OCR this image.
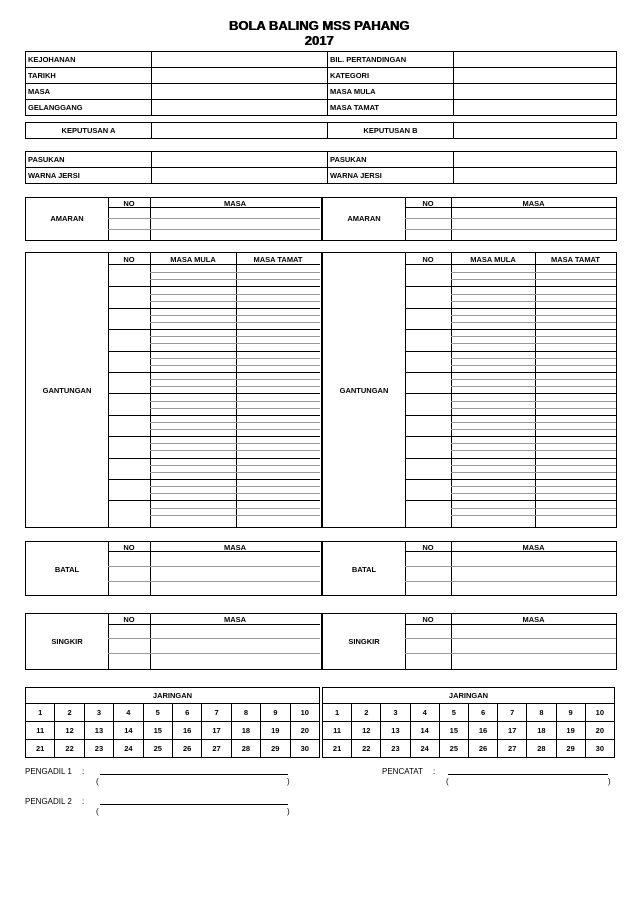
BOLA BALING MSS PAHANG
2017
KEJOHANAN		BIL. PERTANDINGAN	
TARIKH		KATEGORI	
MASA		MASA MULA	
GELANGGANG		MASA TAMAT	
KEPUTUSAN A		KEPUTUSAN B	
PASUKAN		PASUKAN	
WARNA JERSI		WARNA JERSI	
NO	MASA
AMARAN
NO	MASA
AMARAN
NO	MASA MULA	MASA TAMAT
GANTUNGAN
NO	MASA MULA	MASA TAMAT
GANTUNGAN
NO	MASA
BATAL
NO	MASA
BATAL
NO	MASA
SINGKIR
NO	MASA
SINGKIR
JARINGAN									
1	2	3	4	5	6	7	8	9	10
11	12	13	14	15	16	17	18	19	20
21	22	23	24	25	26	27	28	29	30
JARINGAN									
1	2	3	4	5	6	7	8	9	10
11	12	13	14	15	16	17	18	19	20
21	22	23	24	25	26	27	28	29	30
PENGADIL 1 :
(	)
PENCATAT :
(	)
PENGADIL 2 :
(	)
